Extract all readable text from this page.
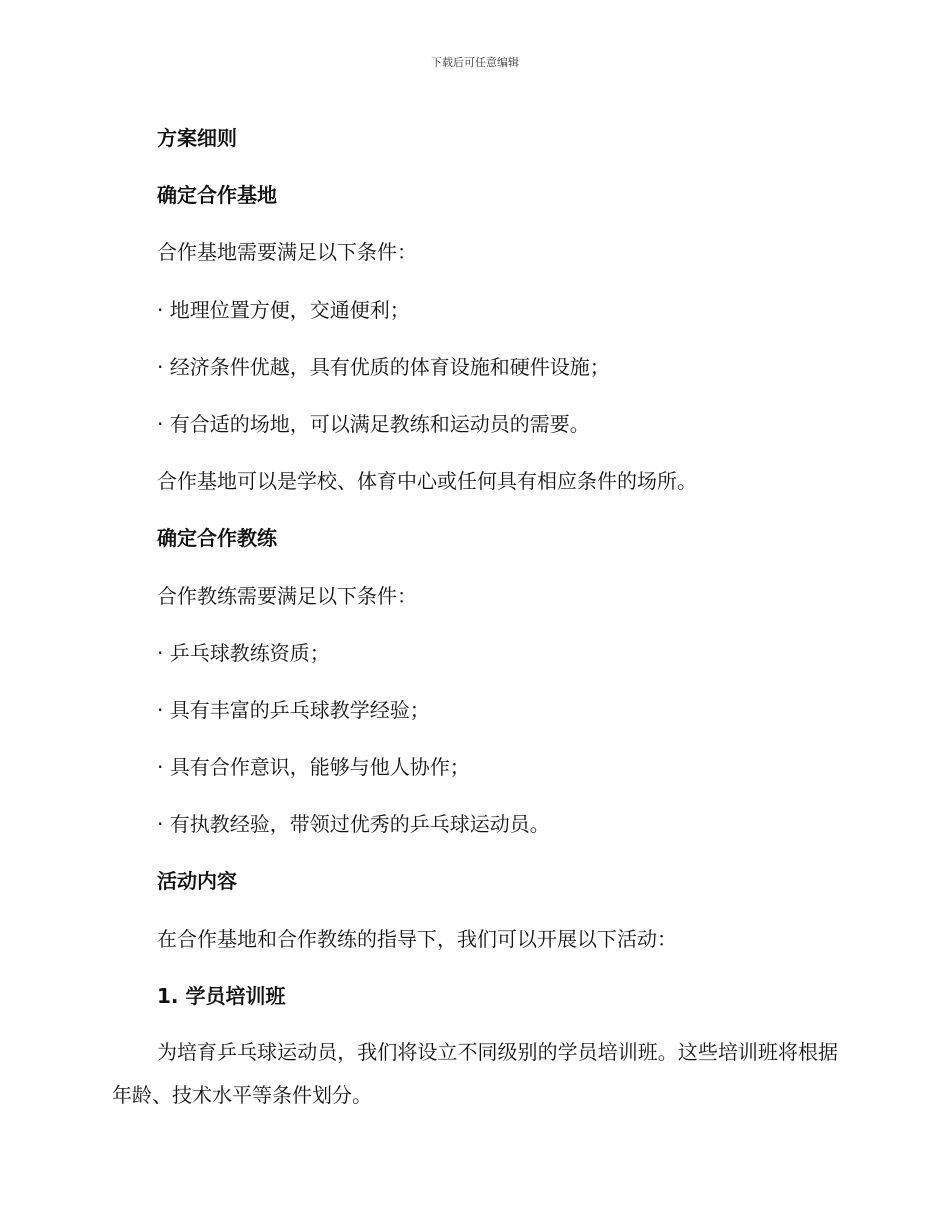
下载后可任意编辑
方案细则
确定合作基地
合作基地需要满足以下条件：
· 地理位置方便，交通便利；
· 经济条件优越，具有优质的体育设施和硬件设施；
· 有合适的场地，可以满足教练和运动员的需要。
合作基地可以是学校、体育中心或任何具有相应条件的场所。
确定合作教练
合作教练需要满足以下条件：
· 乒乓球教练资质；
· 具有丰富的乒乓球教学经验；
· 具有合作意识，能够与他人协作；
· 有执教经验，带领过优秀的乒乓球运动员。
活动内容
在合作基地和合作教练的指导下，我们可以开展以下活动：
1. 学员培训班
为培育乒乓球运动员，我们将设立不同级别的学员培训班。这些培训班将根据年龄、技术水平等条件划分。
